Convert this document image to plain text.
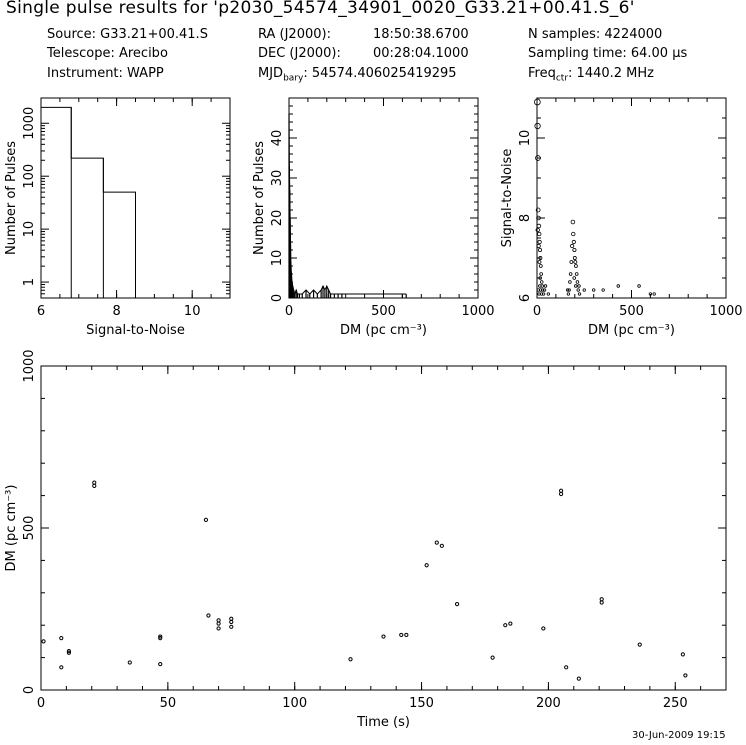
Single pulse results for 'p2030_54574_34901_0020_G33.21+00.41.S_6'
Source: G33.21+00.41.S
Telescope: Arecibo
Instrument: WAPP
RA (J2000):	18:50:38.6700
DEC (J2000): 00:28:04.1000
$MJD_{bary}$: 54574.406025419295
N samples: 4224000
Sampling time: 64.00 µs
Freq$_{ctr}$: 1440.2 MHz
30-Jun-2009 19:15
6	8	10
1
10
100
1000
Signal-to-Noise
Number of Pulses
0	500	1000
0
10
20
30
40
DM (pc cm⁻³)
Number of Pulses
0	500	1000
6
8
10
DM (pc cm⁻³)
Signal-to-Noise
0	50	100	150	200	250
0
500
1000
Time (s)
DM (pc cm⁻³)
